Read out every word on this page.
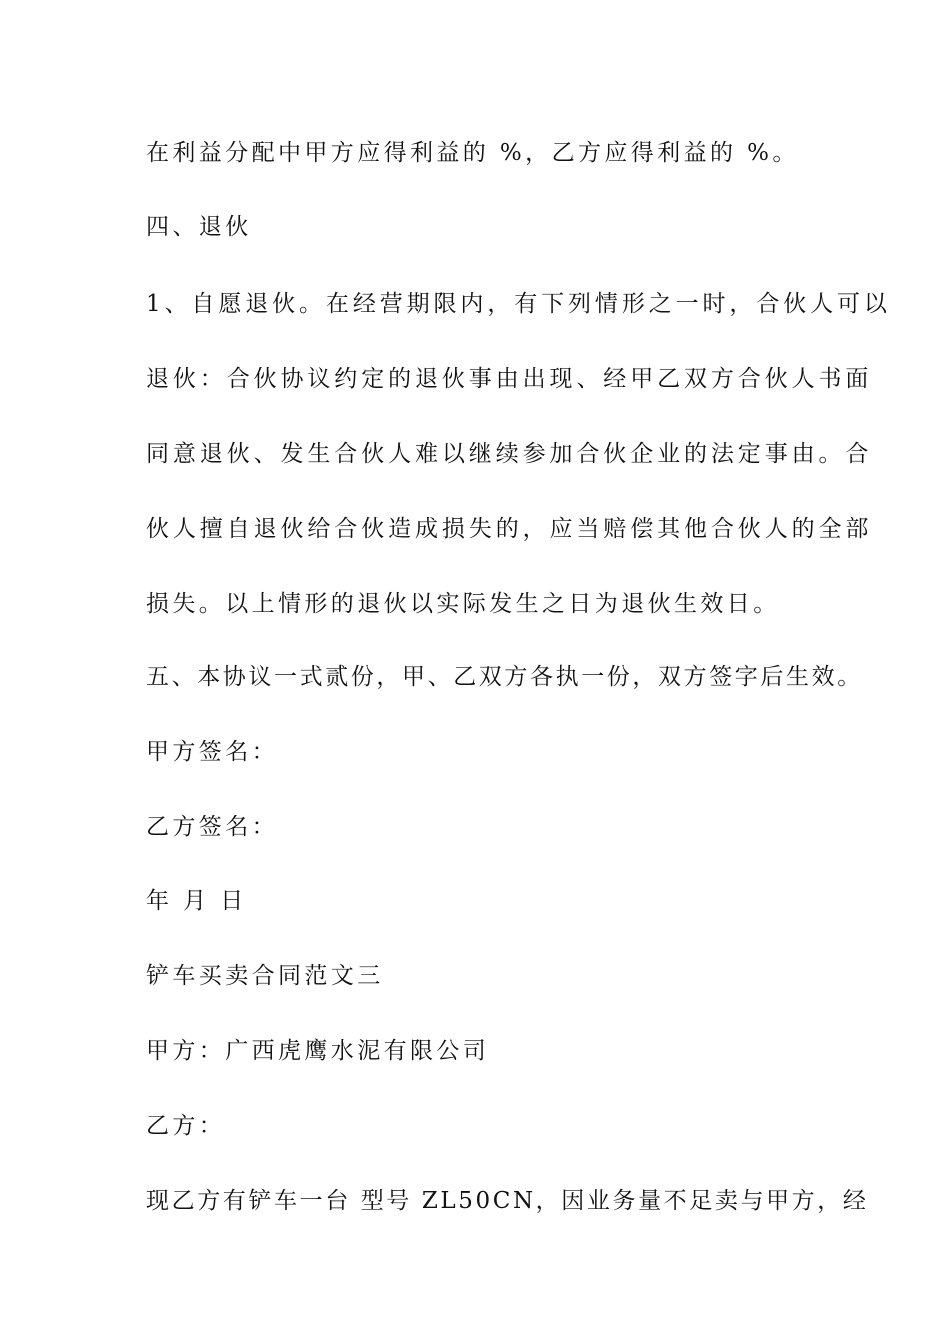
在利益分配中甲方应得利益的 %，乙方应得利益的 %。
四、退伙
1、自愿退伙。在经营期限内，有下列情形之一时，合伙人可以
退伙：合伙协议约定的退伙事由出现、经甲乙双方合伙人书面
同意退伙、发生合伙人难以继续参加合伙企业的法定事由。合
伙人擅自退伙给合伙造成损失的，应当赔偿其他合伙人的全部
损失。以上情形的退伙以实际发生之日为退伙生效日。
五、本协议一式贰份，甲、乙双方各执一份，双方签字后生效。
甲方签名：
乙方签名：
年 月 日
铲车买卖合同范文三
甲方：广西虎鹰水泥有限公司
乙方：
现乙方有铲车一台 型号 ZL50CN，因业务量不足卖与甲方，经
